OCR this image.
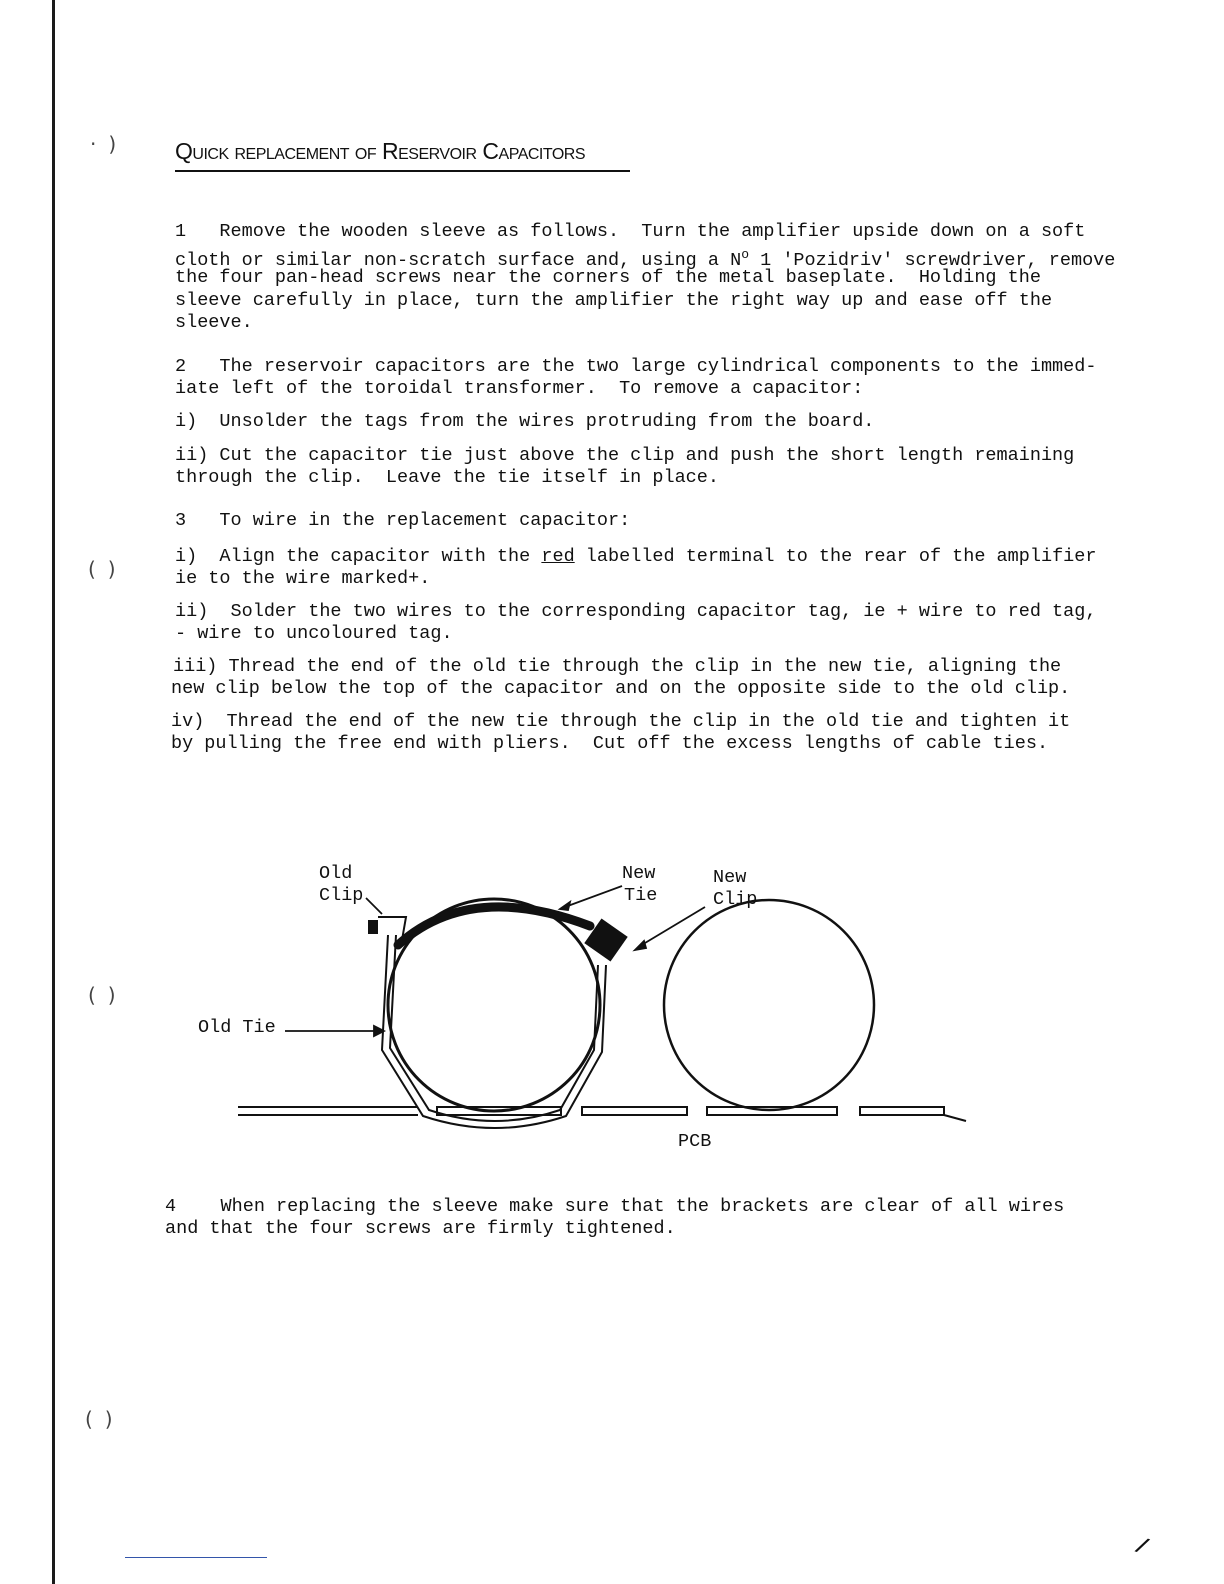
·)
()
()
()
Quick replacement of Reservoir Capacitors

1   Remove the wooden sleeve as follows.  Turn the amplifier upside down on a soft

cloth or similar non-scratch surface and, using a $N^o$ 1 'Pozidriv' screwdriver, remove

the four pan-head screws near the corners of the metal baseplate.  Holding the

sleeve carefully in place, turn the amplifier the right way up and ease off the

sleeve.

2   The reservoir capacitors are the two large cylindrical components to the immed-

iate left of the toroidal transformer.  To remove a capacitor:

i)  Unsolder the tags from the wires protruding from the board.

ii) Cut the capacitor tie just above the clip and push the short length remaining

through the clip.  Leave the tie itself in place.

3   To wire in the replacement capacitor:

i)  Align the capacitor with the red labelled terminal to the rear of the amplifier

ie to the wire marked+.

ii)  Solder the two wires to the corresponding capacitor tag, ie + wire to red tag,

- wire to uncoloured tag.

iii) Thread the end of the old tie through the clip in the new tie, aligning the

new clip below the top of the capacitor and on the opposite side to the old clip.

iv)  Thread the end of the new tie through the clip in the old tie and tighten it

by pulling the free end with pliers.  Cut off the excess lengths of cable ties.

Old
Clip
New
Tie
New
Clip
Old Tie
PCB

4    When replacing the sleeve make sure that the brackets are clear of all wires

and that the four screws are firmly tightened.

/
